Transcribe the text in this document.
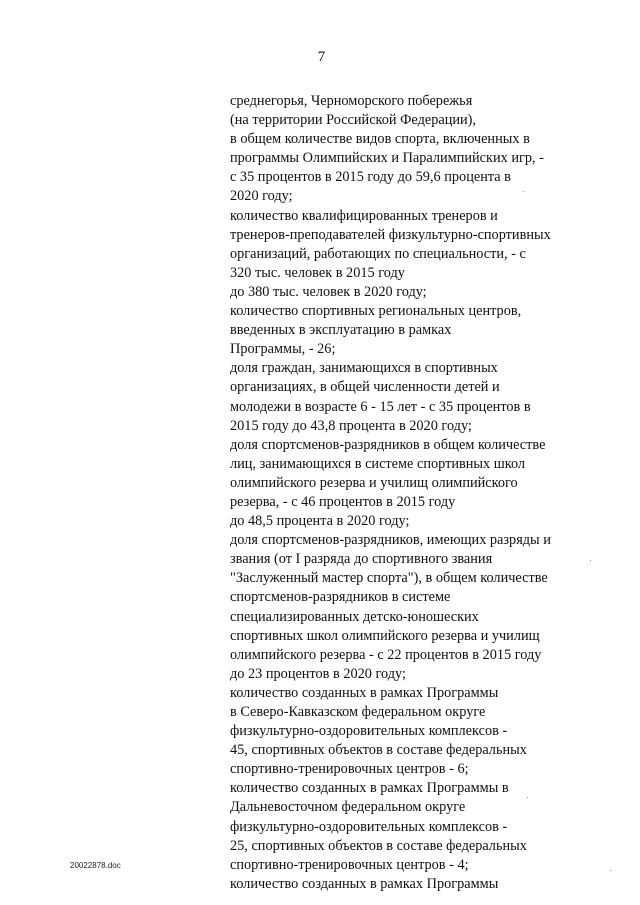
7
среднегорья, Черноморского побережья
(на территории Российской Федерации),
в общем количестве видов спорта, включенных в
программы Олимпийских и Паралимпийских игр, -
с 35 процентов в 2015 году до 59,6 процента в
2020 году;
количество квалифицированных тренеров и
тренеров-преподавателей физкультурно-спортивных
организаций, работающих по специальности, - с
320 тыс. человек в 2015 году
до 380 тыс. человек в 2020 году;
количество спортивных региональных центров,
введенных в эксплуатацию в рамках
Программы, - 26;
доля граждан, занимающихся в спортивных
организациях, в общей численности детей и
молодежи в возрасте 6 - 15 лет - с 35 процентов в
2015 году до 43,8 процента в 2020 году;
доля спортсменов-разрядников в общем количестве
лиц, занимающихся в системе спортивных школ
олимпийского резерва и училищ олимпийского
резерва, - с 46 процентов в 2015 году
до 48,5 процента в 2020 году;
доля спортсменов-разрядников, имеющих разряды и
звания (от I разряда до спортивного звания
"Заслуженный мастер спорта"), в общем количестве
спортсменов-разрядников в системе
специализированных детско-юношеских
спортивных школ олимпийского резерва и училищ
олимпийского резерва - с 22 процентов в 2015 году
до 23 процентов в 2020 году;
количество созданных в рамках Программы
в Северо-Кавказском федеральном округе
физкультурно-оздоровительных комплексов -
45, спортивных объектов в составе федеральных
спортивно-тренировочных центров - 6;
количество созданных в рамках Программы в
Дальневосточном федеральном округе
физкультурно-оздоровительных комплексов -
25, спортивных объектов в составе федеральных
спортивно-тренировочных центров - 4;
количество созданных в рамках Программы
20022878.doc
